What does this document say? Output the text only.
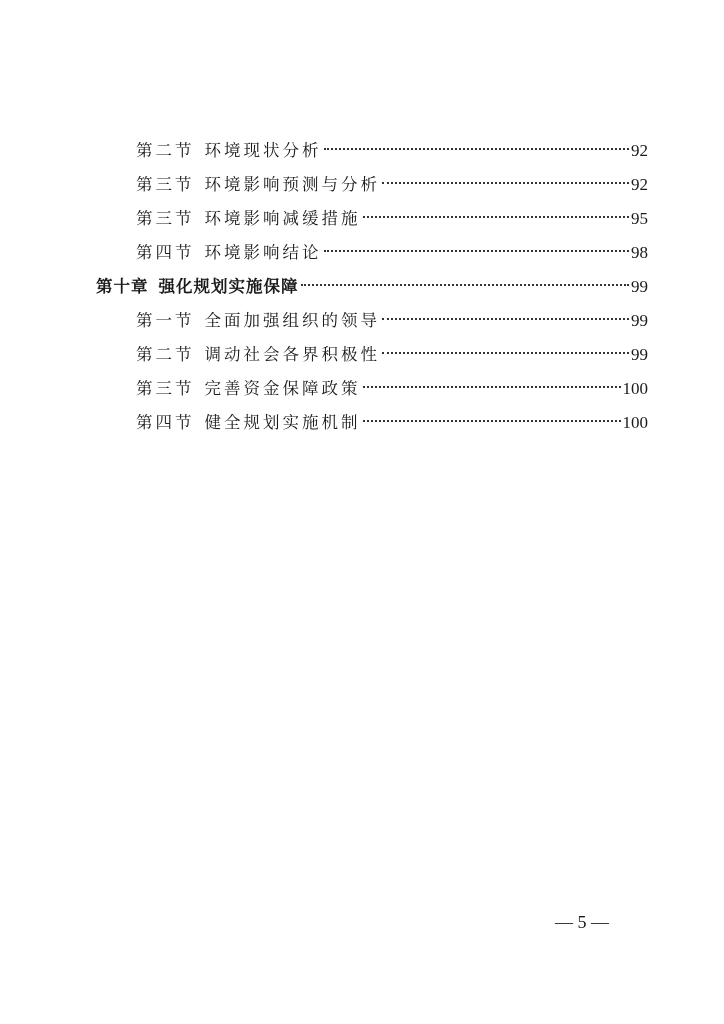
第二节 环境现状分析	92
第三节 环境影响预测与分析	92
第三节 环境影响减缓措施	95
第四节 环境影响结论	98
第十章 强化规划实施保障	99
第一节 全面加强组织的领导	99
第二节 调动社会各界积极性	99
第三节 完善资金保障政策	100
第四节 健全规划实施机制	100
— 5 —
